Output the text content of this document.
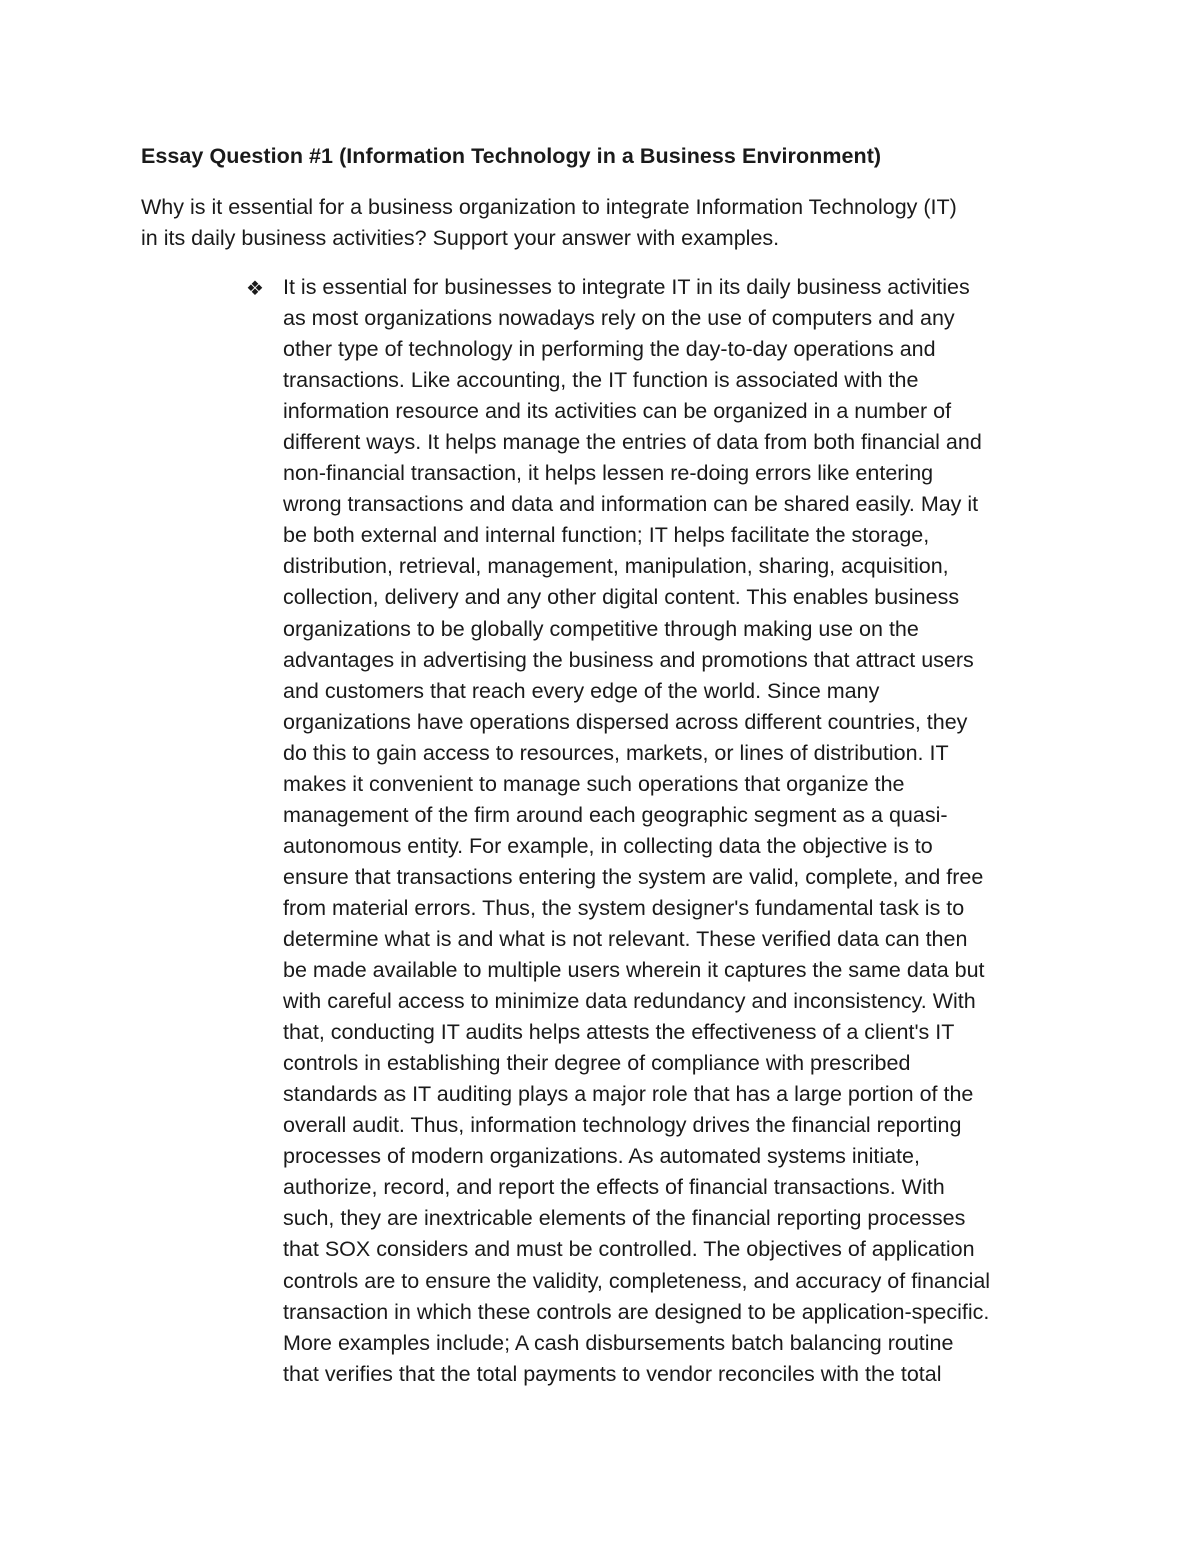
Essay Question #1 (Information Technology in a Business Environment)

Why is it essential for a business organization to integrate Information Technology (IT)
in its daily business activities? Support your answer with examples.

❖ It is essential for businesses to integrate IT in its daily business activities
as most organizations nowadays rely on the use of computers and any
other type of technology in performing the day-to-day operations and
transactions. Like accounting, the IT function is associated with the
information resource and its activities can be organized in a number of
different ways. It helps manage the entries of data from both financial and
non-financial transaction, it helps lessen re-doing errors like entering
wrong transactions and data and information can be shared easily. May it
be both external and internal function; IT helps facilitate the storage,
distribution, retrieval, management, manipulation, sharing, acquisition,
collection, delivery and any other digital content. This enables business
organizations to be globally competitive through making use on the
advantages in advertising the business and promotions that attract users
and customers that reach every edge of the world. Since many
organizations have operations dispersed across different countries, they
do this to gain access to resources, markets, or lines of distribution. IT
makes it convenient to manage such operations that organize the
management of the firm around each geographic segment as a quasi-
autonomous entity. For example, in collecting data the objective is to
ensure that transactions entering the system are valid, complete, and free
from material errors. Thus, the system designer's fundamental task is to
determine what is and what is not relevant. These verified data can then
be made available to multiple users wherein it captures the same data but
with careful access to minimize data redundancy and inconsistency. With
that, conducting IT audits helps attests the effectiveness of a client's IT
controls in establishing their degree of compliance with prescribed
standards as IT auditing plays a major role that has a large portion of the
overall audit. Thus, information technology drives the financial reporting
processes of modern organizations. As automated systems initiate,
authorize, record, and report the effects of financial transactions. With
such, they are inextricable elements of the financial reporting processes
that SOX considers and must be controlled. The objectives of application
controls are to ensure the validity, completeness, and accuracy of financial
transaction in which these controls are designed to be application-specific.
More examples include; A cash disbursements batch balancing routine
that verifies that the total payments to vendor reconciles with the total
